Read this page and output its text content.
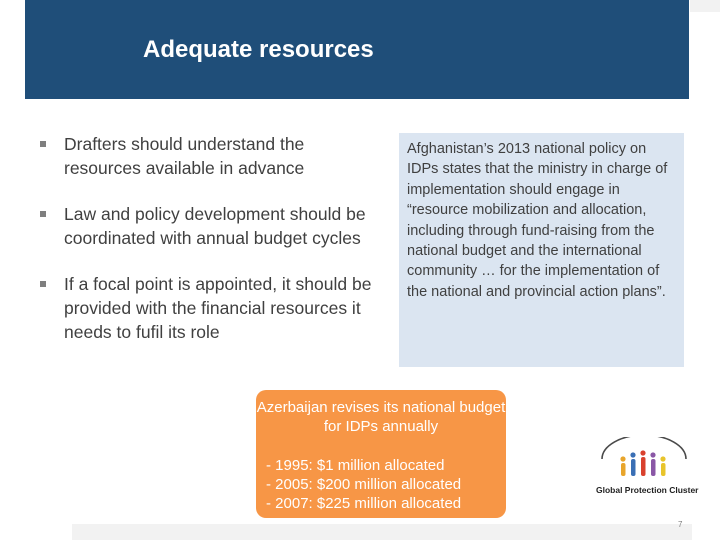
Adequate resources
Drafters should understand the resources available in advance
Law and policy development should be coordinated with annual budget cycles
If a focal point is appointed, it should be provided with the financial resources it needs to fufil its role
Afghanistan’s 2013 national policy on IDPs states that the ministry in charge of implementation should engage in “resource mobilization and allocation, including through fund-raising from the national budget and the international community … for the implementation of the national and provincial action plans”.
Azerbaijan revises its national budget for IDPs annually
- 1995: $1 million allocated
- 2005: $200 million allocated
- 2007: $225 million allocated
Global Protection Cluster
7
